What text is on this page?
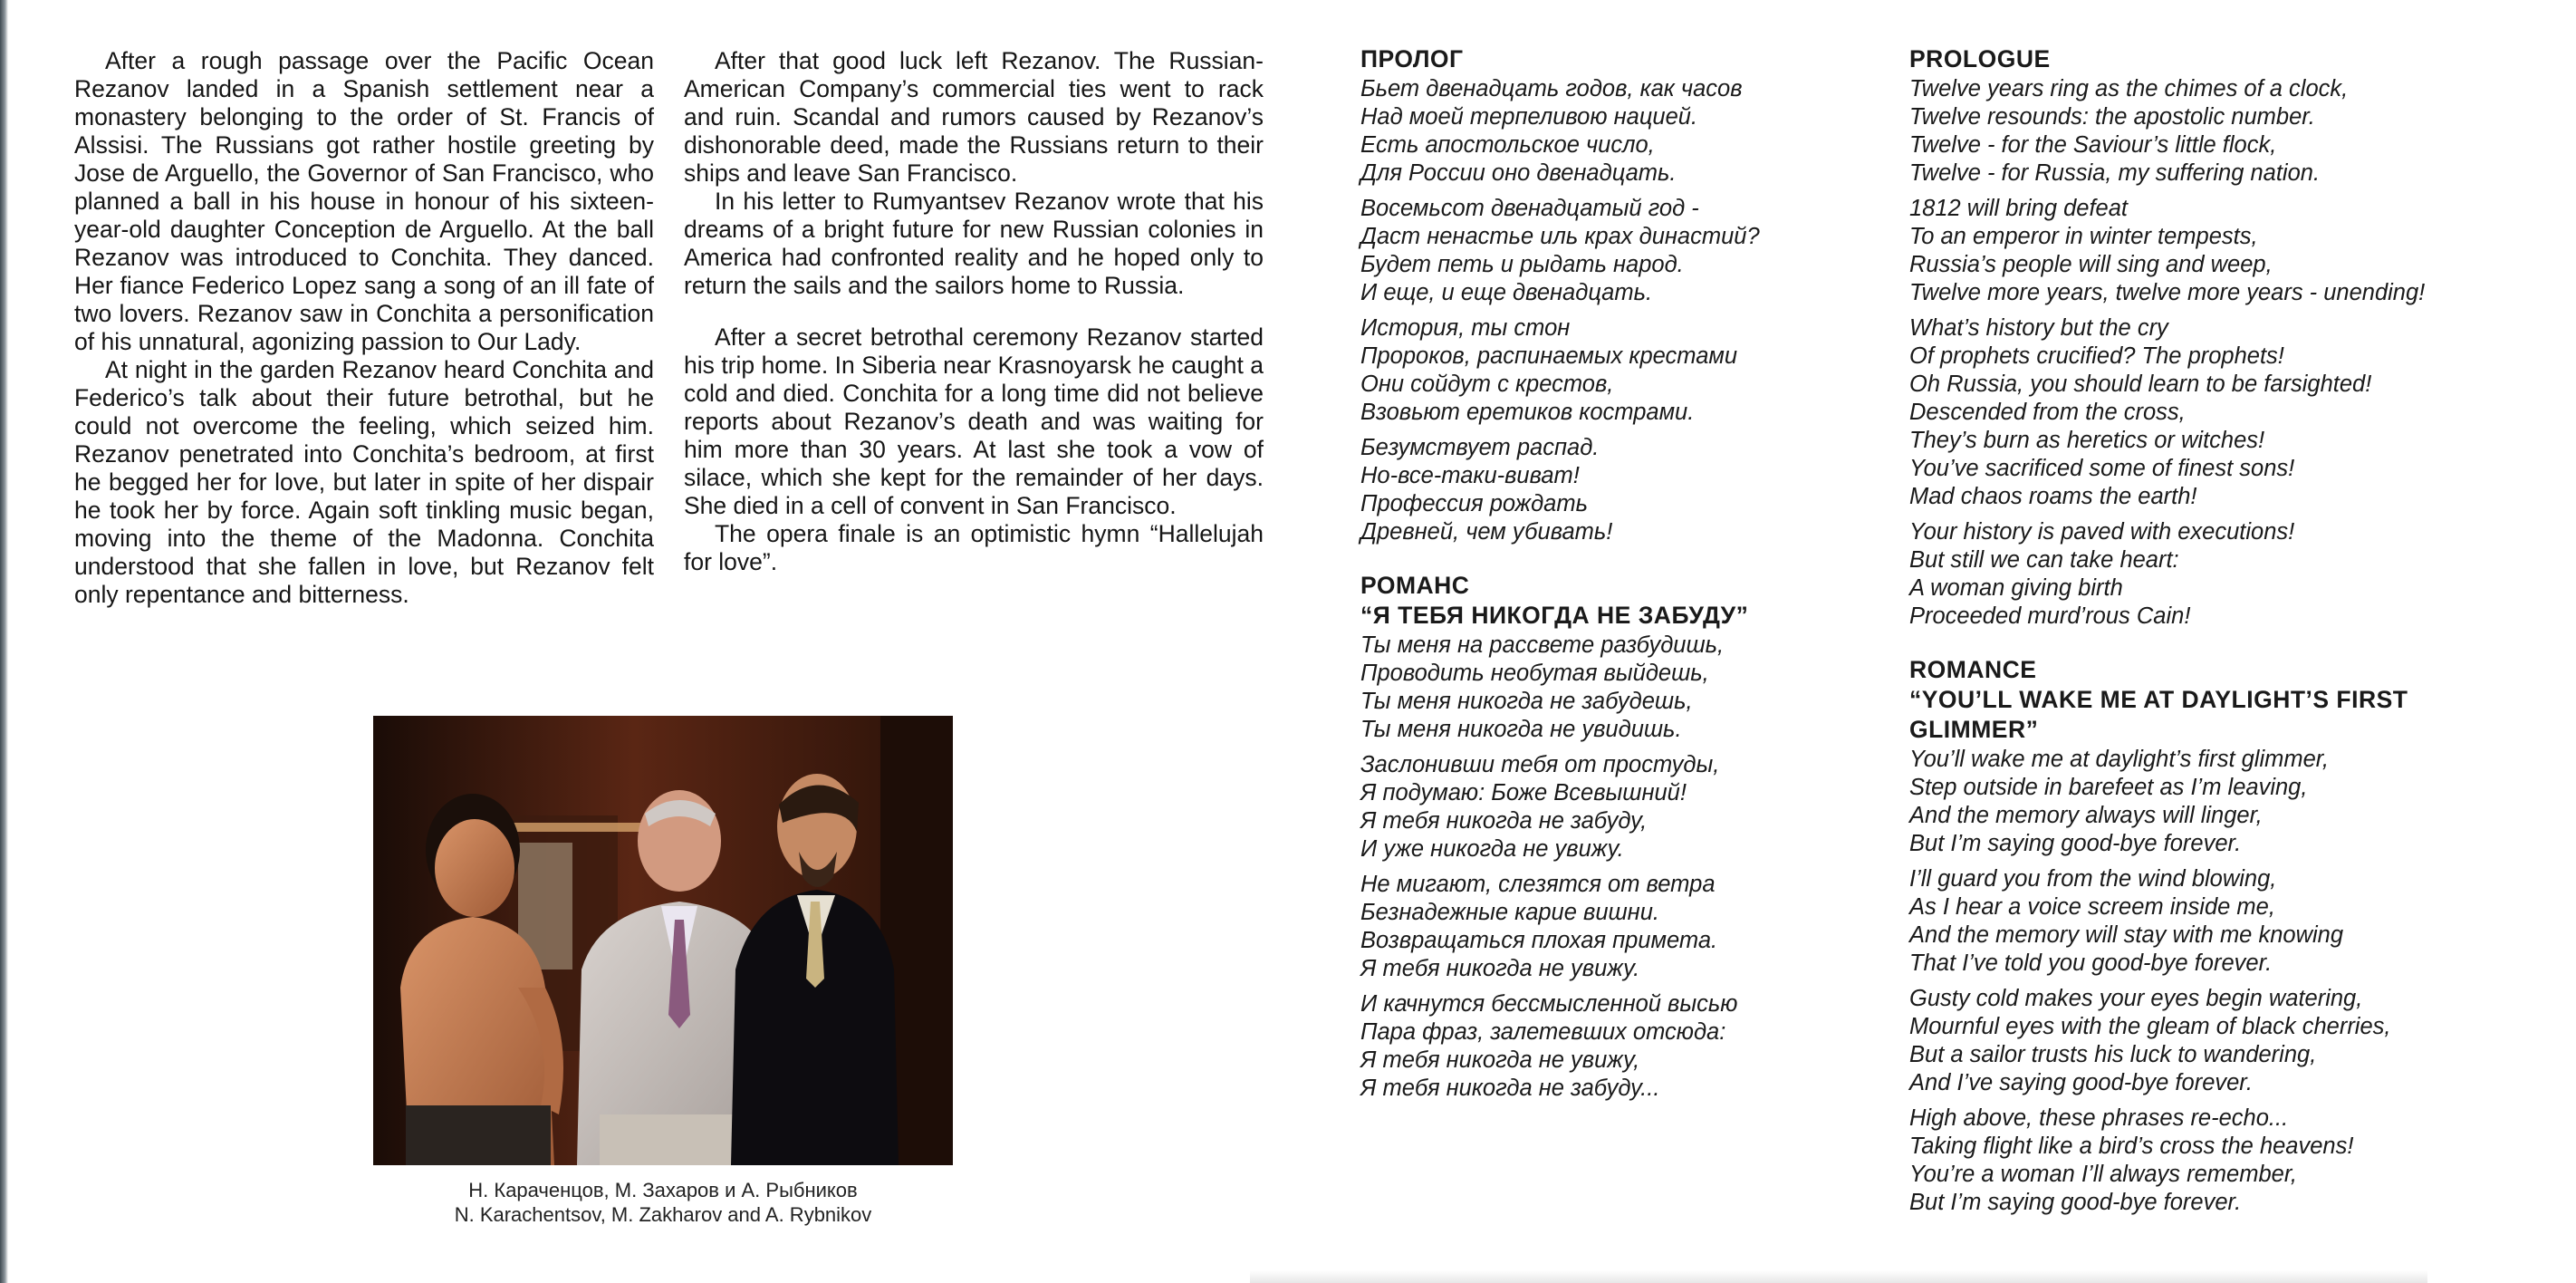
After a rough passage over the Pacific Ocean Rezanov landed in a Spanish settlement near a monastery belonging to the order of St. Francis of Alssisi. The Russians got rather hostile greeting by Jose de Arguello, the Governor of San Francisco, who planned a ball in his house in honour of his sixteen-year-old daughter Conception de Arguello. At the ball Rezanov was introduced to Conchita. They danced. Her fiance Federico Lopez sang a song of an ill fate of two lovers. Rezanov saw in Conchita a personification of his unnatural, agonizing passion to Our Lady.

At night in the garden Rezanov heard Conchita and Federico’s talk about their future betrothal, but he could not overcome the feeling, which seized him. Rezanov penetrated into Conchita’s bedroom, at first he begged her for love, but later in spite of her dispair he took her by force. Again soft tinkling music began, moving into the theme of the Madonna. Conchita understood that she fallen in love, but Rezanov felt only repentance and bitterness.

After that good luck left Rezanov. The Russian-American Company’s commercial ties went to rack and ruin. Scandal and rumors caused by Rezanov’s dishonorable deed, made the Russians return to their ships and leave San Francisco.

In his letter to Rumyantsev Rezanov wrote that his dreams of a bright future for new Russian colonies in America had confronted reality and he hoped only to return the sails and the sailors home to Russia.

After a secret betrothal ceremony Rezanov started his trip home. In Siberia near Krasnoyarsk he caught a cold and died. Conchita for a long time did not believe reports about Rezanov’s death and was waiting for him more than 30 years. At last she took a vow of silace, which she kept for the remainder of her days. She died in a cell of convent in San Francisco.

The opera finale is an optimistic hymn “Hallelujah for love”.

Н. Караченцов, М. Захаров и А. Рыбников
N. Karachentsov, M. Zakharov and A. Rybnikov
ПРОЛОГ
Бьет двенадцать годов, как часов
Над моей терпеливою нацией.
Есть апостольское число,
Для России оно двенадцать.
Восемьсот двенадцатый год -
Даст ненастье иль крах династий?
Будет петь и рыдать народ.
И еще, и еще двенадцать.
История, ты стон
Пророков, распинаемых крестами
Они сойдут с крестов,
Взовьют еретиков кострами.
Безумствует распад.
Но-все-таки-виват!
Профессия рождать
Древней, чем убивать!
РОМАНС
“Я ТЕБЯ НИКОГДА НЕ ЗАБУДУ”
Ты меня на рассвете разбудишь,
Проводить необутая выйдешь,
Ты меня никогда не забудешь,
Ты меня никогда не увидишь.
Заслонивши тебя от простуды,
Я подумаю: Боже Всевышний!
Я тебя никогда не забуду,
И уже никогда не увижу.
Не мигают, слезятся от ветра
Безнадежные карие вишни.
Возвращаться плохая примета.
Я тебя никогда не увижу.
И качнутся бессмысленной высью
Пара фраз, залетевших отсюда:
Я тебя никогда не увижу,
Я тебя никогда не забуду...
PROLOGUE
Twelve years ring as the chimes of a clock,
Twelve resounds: the apostolic number.
Twelve - for the Saviour’s little flock,
Twelve - for Russia, my suffering nation.
1812 will bring defeat
To an emperor in winter tempests,
Russia’s people will sing and weep,
Twelve more years, twelve more years - unending!
What’s history but the cry
Of prophets crucified? The prophets!
Oh Russia, you should learn to be farsighted!
Descended from the cross,
They’s burn as heretics or witches!
You’ve sacrificed some of finest sons!
Mad chaos roams the earth!
Your history is paved with executions!
But still we can take heart:
A woman giving birth
Proceeded murd’rous Cain!
ROMANCE
“YOU’LL WAKE ME AT DAYLIGHT’S FIRST
GLIMMER”
You’ll wake me at daylight’s first glimmer,
Step outside in barefeet as I’m leaving,
And the memory always will linger,
But I’m saying good-bye forever.
I’ll guard you from the wind blowing,
As I hear a voice screem inside me,
And the memory will stay with me knowing
That I’ve told you good-bye forever.
Gusty cold makes your eyes begin watering,
Mournful eyes with the gleam of black cherries,
But a sailor trusts his luck to wandering,
And I’ve saying good-bye forever.
High above, these phrases re-echo...
Taking flight like a bird’s cross the heavens!
You’re a woman I’ll always remember,
But I’m saying good-bye forever.
